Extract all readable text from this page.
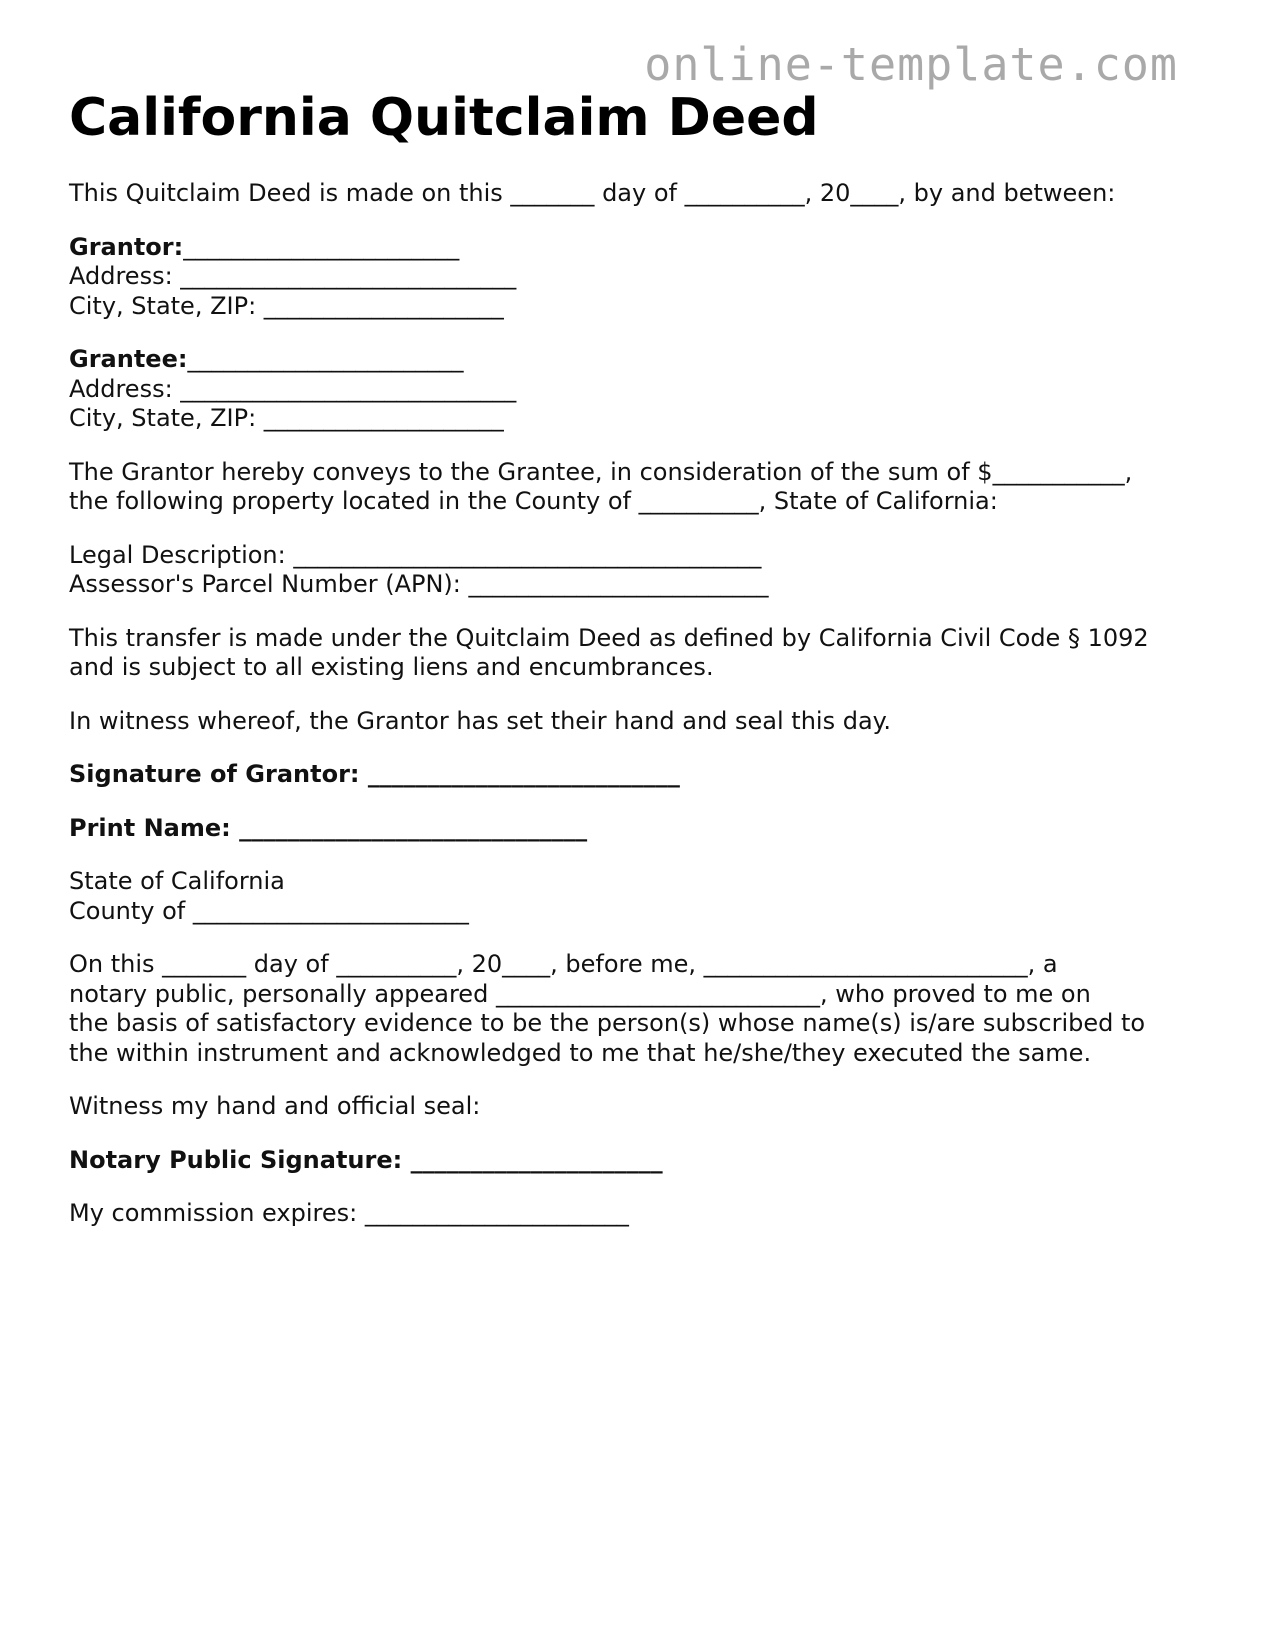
online-template.com
California Quitclaim Deed

This Quitclaim Deed is made on this _______ day of __________, 20____, by and between:

Grantor:_______________________
Address: ____________________________
City, State, ZIP: ____________________

Grantee:_______________________
Address: ____________________________
City, State, ZIP: ____________________

The Grantor hereby conveys to the Grantee, in consideration of the sum of $___________,
the following property located in the County of __________, State of California:

Legal Description: _______________________________________
Assessor's Parcel Number (APN): _________________________

This transfer is made under the Quitclaim Deed as defined by California Civil Code § 1092
and is subject to all existing liens and encumbrances.

In witness whereof, the Grantor has set their hand and seal this day.

Signature of Grantor: __________________________

Print Name: _____________________________

State of California
County of _______________________

On this _______ day of __________, 20____, before me, ___________________________, a
notary public, personally appeared ___________________________, who proved to me on
the basis of satisfactory evidence to be the person(s) whose name(s) is/are subscribed to
the within instrument and acknowledged to me that he/she/they executed the same.

Witness my hand and official seal:

Notary Public Signature: _____________________

My commission expires: ______________________
